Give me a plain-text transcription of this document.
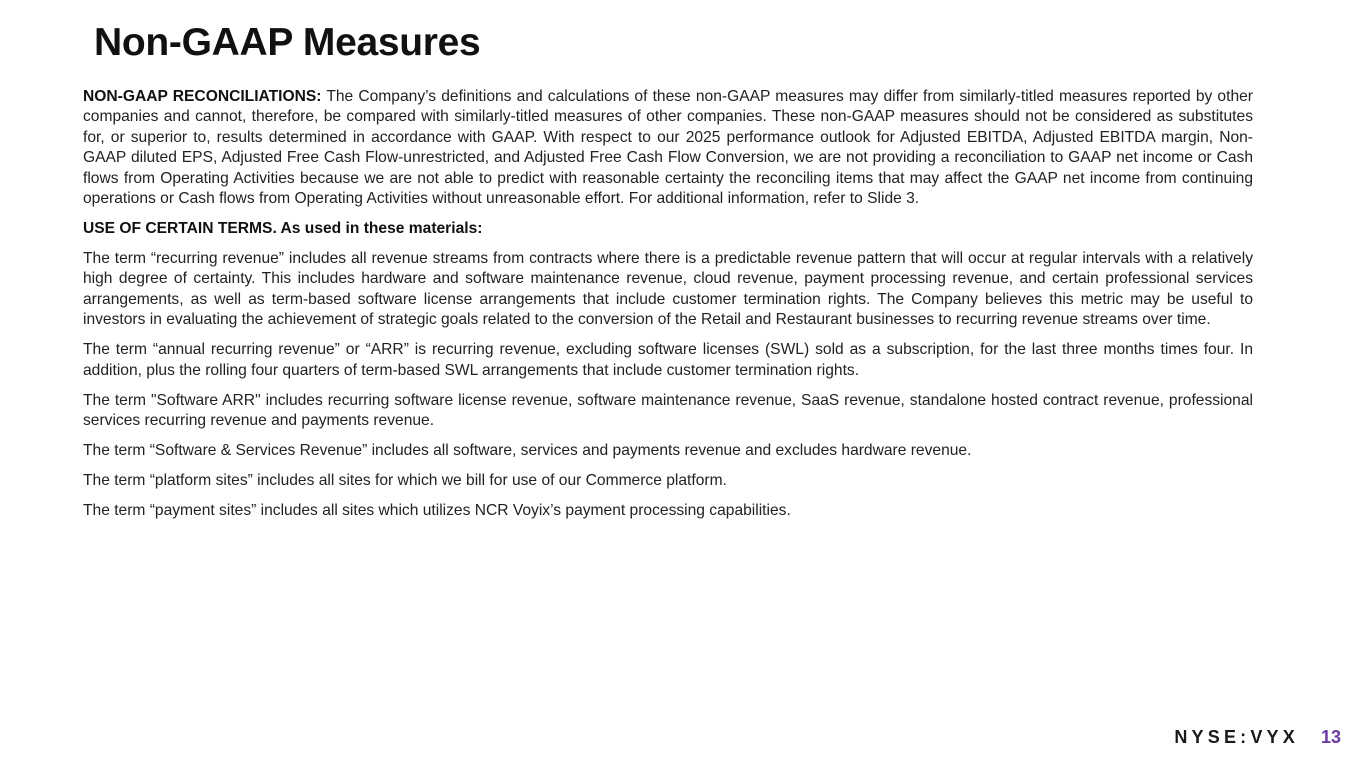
Non-GAAP Measures

NON-GAAP RECONCILIATIONS: The Company’s definitions and calculations of these non-GAAP measures may differ from similarly-titled measures reported by other companies and cannot, therefore, be compared with similarly-titled measures of other companies. These non-GAAP measures should not be considered as substitutes for, or superior to, results determined in accordance with GAAP. With respect to our 2025 performance outlook for Adjusted EBITDA, Adjusted EBITDA margin, Non-GAAP diluted EPS, Adjusted Free Cash Flow-unrestricted, and Adjusted Free Cash Flow Conversion, we are not providing a reconciliation to GAAP net income or Cash flows from Operating Activities because we are not able to predict with reasonable certainty the reconciling items that may affect the GAAP net income from continuing operations or Cash flows from Operating Activities without unreasonable effort. For additional information, refer to Slide 3.

USE OF CERTAIN TERMS. As used in these materials:

The term “recurring revenue” includes all revenue streams from contracts where there is a predictable revenue pattern that will occur at regular intervals with a relatively high degree of certainty. This includes hardware and software maintenance revenue, cloud revenue, payment processing revenue, and certain professional services arrangements, as well as term-based software license arrangements that include customer termination rights. The Company believes this metric may be useful to investors in evaluating the achievement of strategic goals related to the conversion of the Retail and Restaurant businesses to recurring revenue streams over time.

The term “annual recurring revenue” or “ARR” is recurring revenue, excluding software licenses (SWL) sold as a subscription, for the last three months times four. In addition, plus the rolling four quarters of term-based SWL arrangements that include customer termination rights.

The term "Software ARR" includes recurring software license revenue, software maintenance revenue, SaaS revenue, standalone hosted contract revenue, professional services recurring revenue and payments revenue.

The term “Software & Services Revenue” includes all software, services and payments revenue and excludes hardware revenue.

The term “platform sites” includes all sites for which we bill for use of our Commerce platform.

The term “payment sites” includes all sites which utilizes NCR Voyix’s payment processing capabilities.

NYSE:VYX 13
